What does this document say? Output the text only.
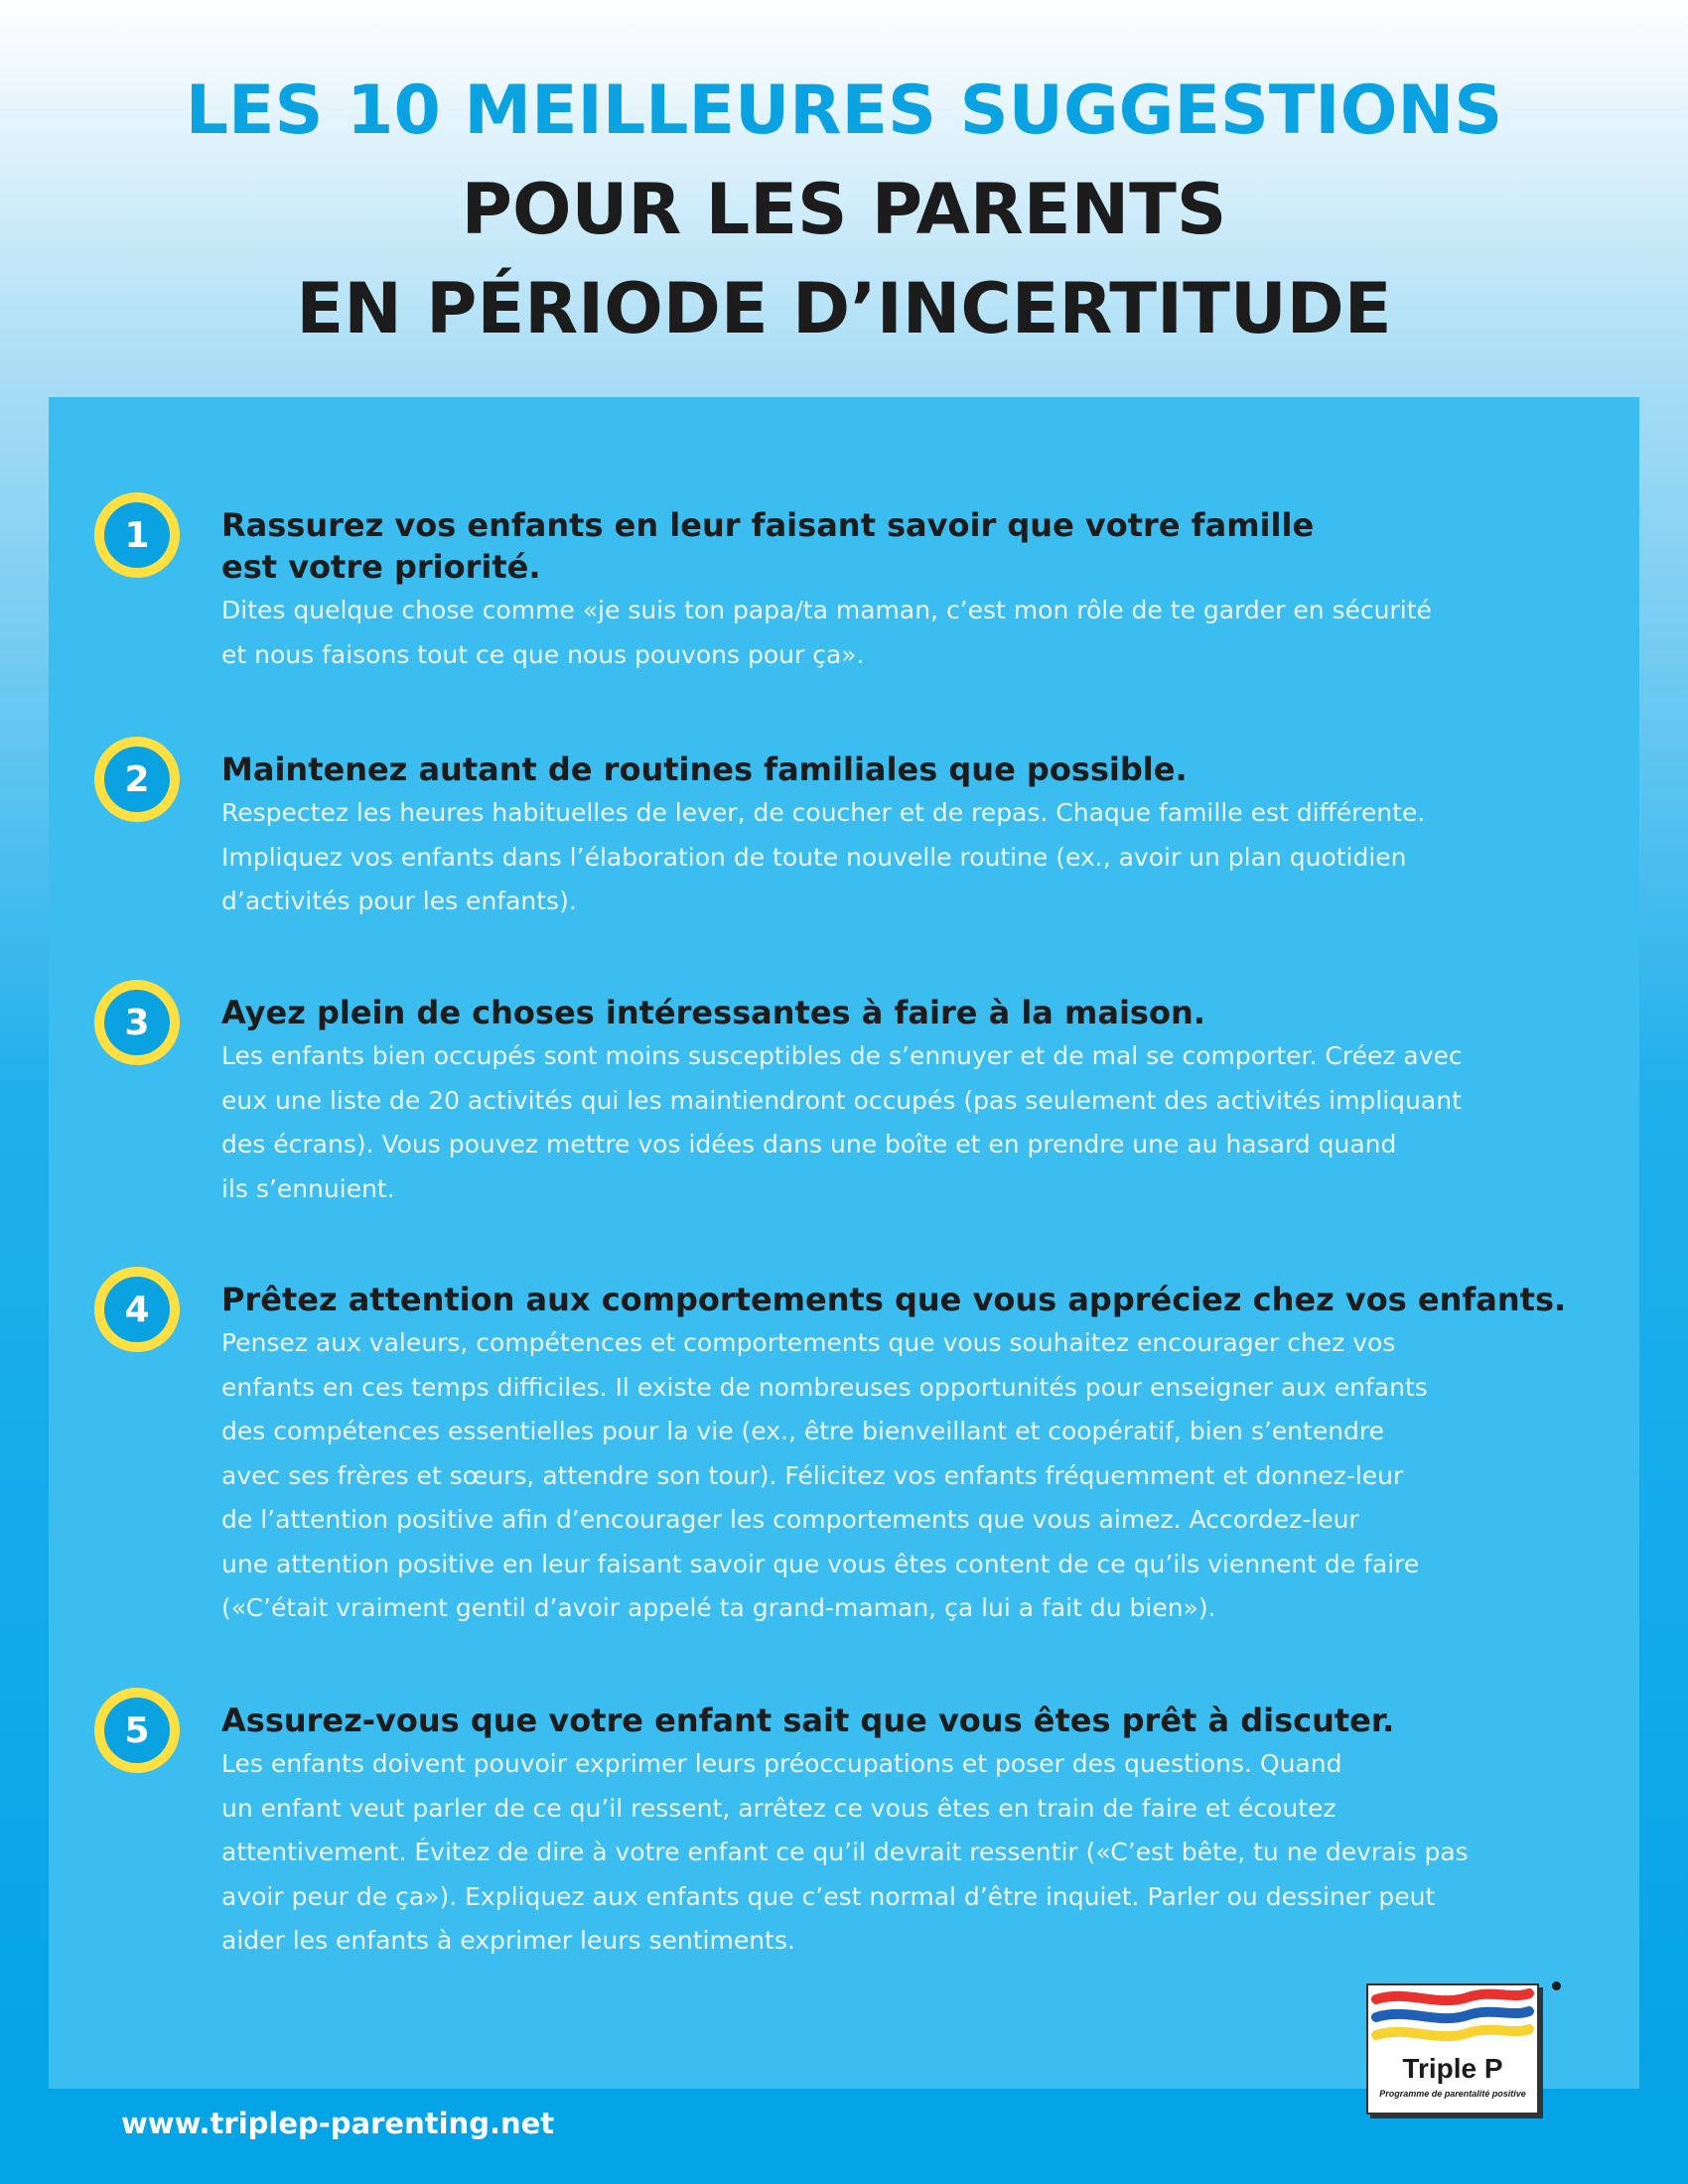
LES 10 MEILLEURES SUGGESTIONS
POUR LES PARENTS
EN PÉRIODE D’INCERTITUDE
1	Rassurez vos enfants en leur faisant savoir que votre famille
est votre priorité.

Dites quelque chose comme «je suis ton papa/ta maman, c’est mon rôle de te garder en sécurité
et nous faisons tout ce que nous pouvons pour ça».

2	Maintenez autant de routines familiales que possible.

Respectez les heures habituelles de lever, de coucher et de repas. Chaque famille est différente.
Impliquez vos enfants dans l’élaboration de toute nouvelle routine (ex., avoir un plan quotidien
d’activités pour les enfants).

3	Ayez plein de choses intéressantes à faire à la maison.

Les enfants bien occupés sont moins susceptibles de s’ennuyer et de mal se comporter. Créez avec
eux une liste de 20 activités qui les maintiendront occupés (pas seulement des activités impliquant
des écrans). Vous pouvez mettre vos idées dans une boîte et en prendre une au hasard quand
ils s’ennuient.

4	Prêtez attention aux comportements que vous appréciez chez vos enfants.

Pensez aux valeurs, compétences et comportements que vous souhaitez encourager chez vos
enfants en ces temps difficiles. Il existe de nombreuses opportunités pour enseigner aux enfants
des compétences essentielles pour la vie (ex., être bienveillant et coopératif, bien s’entendre
avec ses frères et sœurs, attendre son tour). Félicitez vos enfants fréquemment et donnez-leur
de l’attention positive afin d’encourager les comportements que vous aimez. Accordez-leur
une attention positive en leur faisant savoir que vous êtes content de ce qu’ils viennent de faire
(«C’était vraiment gentil d’avoir appelé ta grand-maman, ça lui a fait du bien»).

5	Assurez-vous que votre enfant sait que vous êtes prêt à discuter.

Les enfants doivent pouvoir exprimer leurs préoccupations et poser des questions. Quand
un enfant veut parler de ce qu’il ressent, arrêtez ce vous êtes en train de faire et écoutez
attentivement. Évitez de dire à votre enfant ce qu’il devrait ressentir («C’est bête, tu ne devrais pas
avoir peur de ça»). Expliquez aux enfants que c’est normal d’être inquiet. Parler ou dessiner peut
aider les enfants à exprimer leurs sentiments.

www.triplep-parenting.net
Triple P
Programme de parentalité positive
